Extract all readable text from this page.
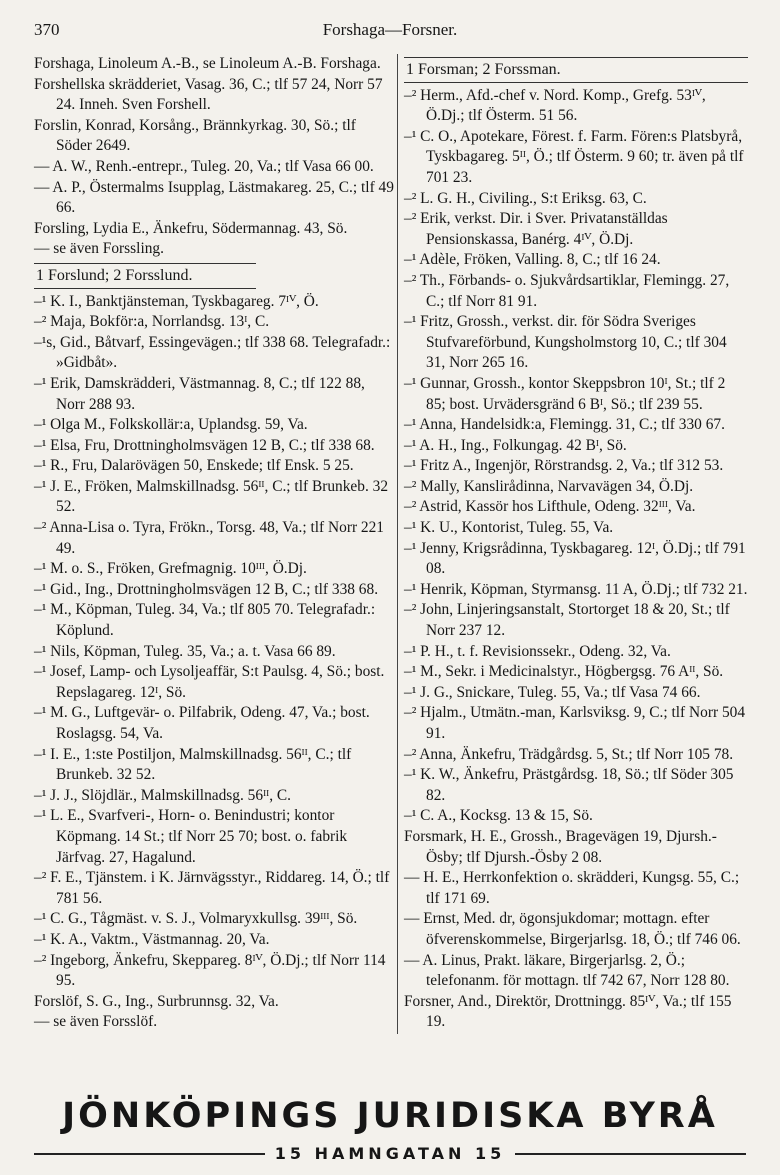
370	Forshaga—Forsner.

Forshaga, Linoleum A.-B., se Linoleum A.-B. Forshaga.

Forshellska skrädderiet, Vasag. 36, C.; tlf 57 24, Norr 57 24. Inneh. Sven Forshell.

Forslin, Konrad, Korsång., Brännkyrkag. 30, Sö.; tlf Söder 2649.

— A. W., Renh.-entrepr., Tuleg. 20, Va.; tlf Vasa 66 00.

— A. P., Östermalms Isupplag, Lästmakareg. 25, C.; tlf 49 66.

Forsling, Lydia E., Änkefru, Södermannag. 43, Sö.

— se även Forssling.

1 Forslund; 2 Forsslund.

–¹ K. I., Banktjänsteman, Tyskbagareg. 7ᴵⱽ, Ö.

–² Maja, Bokför:a, Norrlandsg. 13ᴵ, C.

–¹s, Gid., Båtvarf, Essingevägen.; tlf 338 68. Telegrafadr.: »Gidbåt».

–¹ Erik, Damskrädderi, Västmannag. 8, C.; tlf 122 88, Norr 288 93.

–¹ Olga M., Folkskollär:a, Uplandsg. 59, Va.

–¹ Elsa, Fru, Drottningholmsvägen 12 B, C.; tlf 338 68.

–¹ R., Fru, Dalarövägen 50, Enskede; tlf Ensk. 5 25.

–¹ J. E., Fröken, Malmskillnadsg. 56ᴵᴵ, C.; tlf Brunkeb. 32 52.

–² Anna-Lisa o. Tyra, Frökn., Torsg. 48, Va.; tlf Norr 221 49.

–¹ M. o. S., Fröken, Grefmagnig. 10ᴵᴵᴵ, Ö.Dj.

–¹ Gid., Ing., Drottningholmsvägen 12 B, C.; tlf 338 68.

–¹ M., Köpman, Tuleg. 34, Va.; tlf 805 70. Telegrafadr.: Köplund.

–¹ Nils, Köpman, Tuleg. 35, Va.; a. t. Vasa 66 89.

–¹ Josef, Lamp- och Lysoljeaffär, S:t Paulsg. 4, Sö.; bost. Repslagareg. 12ᴵ, Sö.

–¹ M. G., Luftgevär- o. Pilfabrik, Odeng. 47, Va.; bost. Roslagsg. 54, Va.

–¹ I. E., 1:ste Postiljon, Malmskillnadsg. 56ᴵᴵ, C.; tlf Brunkeb. 32 52.

–¹ J. J., Slöjdlär., Malmskillnadsg. 56ᴵᴵ, C.

–¹ L. E., Svarfveri-, Horn- o. Benindustri; kontor Köpmang. 14 St.; tlf Norr 25 70; bost. o. fabrik Järfvag. 27, Hagalund.

–² F. E., Tjänstem. i K. Järnvägsstyr., Riddareg. 14, Ö.; tlf 781 56.

–¹ C. G., Tågmäst. v. S. J., Volmaryxkullsg. 39ᴵᴵᴵ, Sö.

–¹ K. A., Vaktm., Västmannag. 20, Va.

–² Ingeborg, Änkefru, Skeppareg. 8ᴵⱽ, Ö.Dj.; tlf Norr 114 95.

Forslöf, S. G., Ing., Surbrunnsg. 32, Va.

— se även Forsslöf.

1 Forsman; 2 Forssman.

–² Herm., Afd.-chef v. Nord. Komp., Grefg. 53ᴵⱽ, Ö.Dj.; tlf Österm. 51 56.

–¹ C. O., Apotekare, Förest. f. Farm. Fören:s Platsbyrå, Tyskbagareg. 5ᴵᴵ, Ö.; tlf Österm. 9 60; tr. även på tlf 701 23.

–² L. G. H., Civiling., S:t Eriksg. 63, C.

–² Erik, verkst. Dir. i Sver. Privatanställdas Pensionskassa, Banérg. 4ᴵⱽ, Ö.Dj.

–¹ Adèle, Fröken, Valling. 8, C.; tlf 16 24.

–² Th., Förbands- o. Sjukvårdsartiklar, Flemingg. 27, C.; tlf Norr 81 91.

–¹ Fritz, Grossh., verkst. dir. för Södra Sveriges Stufvareförbund, Kungsholmstorg 10, C.; tlf 304 31, Norr 265 16.

–¹ Gunnar, Grossh., kontor Skeppsbron 10ᴵ, St.; tlf 2 85; bost. Urvädersgränd 6 Bᴵ, Sö.; tlf 239 55.

–¹ Anna, Handelsidk:a, Flemingg. 31, C.; tlf 330 67.

–¹ A. H., Ing., Folkungag. 42 Bᴵ, Sö.

–¹ Fritz A., Ingenjör, Rörstrandsg. 2, Va.; tlf 312 53.

–² Mally, Kanslirådinna, Narvavägen 34, Ö.Dj.

–² Astrid, Kassör hos Lifthule, Odeng. 32ᴵᴵᴵ, Va.

–¹ K. U., Kontorist, Tuleg. 55, Va.

–¹ Jenny, Krigsrådinna, Tyskbagareg. 12ᴵ, Ö.Dj.; tlf 791 08.

–¹ Henrik, Köpman, Styrmansg. 11 A, Ö.Dj.; tlf 732 21.

–² John, Linjeringsanstalt, Stortorget 18 & 20, St.; tlf Norr 237 12.

–¹ P. H., t. f. Revisionssekr., Odeng. 32, Va.

–¹ M., Sekr. i Medicinalstyr., Högbergsg. 76 Aᴵᴵ, Sö.

–¹ J. G., Snickare, Tuleg. 55, Va.; tlf Vasa 74 66.

–² Hjalm., Utmätn.-man, Karlsviksg. 9, C.; tlf Norr 504 91.

–² Anna, Änkefru, Trädgårdsg. 5, St.; tlf Norr 105 78.

–¹ K. W., Änkefru, Prästgårdsg. 18, Sö.; tlf Söder 305 82.

–¹ C. A., Kocksg. 13 & 15, Sö.

Forsmark, H. E., Grossh., Bragevägen 19, Djursh.-Ösby; tlf Djursh.-Ösby 2 08.

— H. E., Herrkonfektion o. skrädderi, Kungsg. 55, C.; tlf 171 69.

— Ernst, Med. dr, ögonsjukdomar; mottagn. efter öfverenskommelse, Birgerjarlsg. 18, Ö.; tlf 746 06.

— A. Linus, Prakt. läkare, Birgerjarlsg. 2, Ö.; telefonanm. för mottagn. tlf 742 67, Norr 128 80.

Forsner, And., Direktör, Drottningg. 85ᴵⱽ, Va.; tlf 155 19.

JÖNKÖPINGS JURIDISKA BYRÅ
15 HAMNGATAN 15
